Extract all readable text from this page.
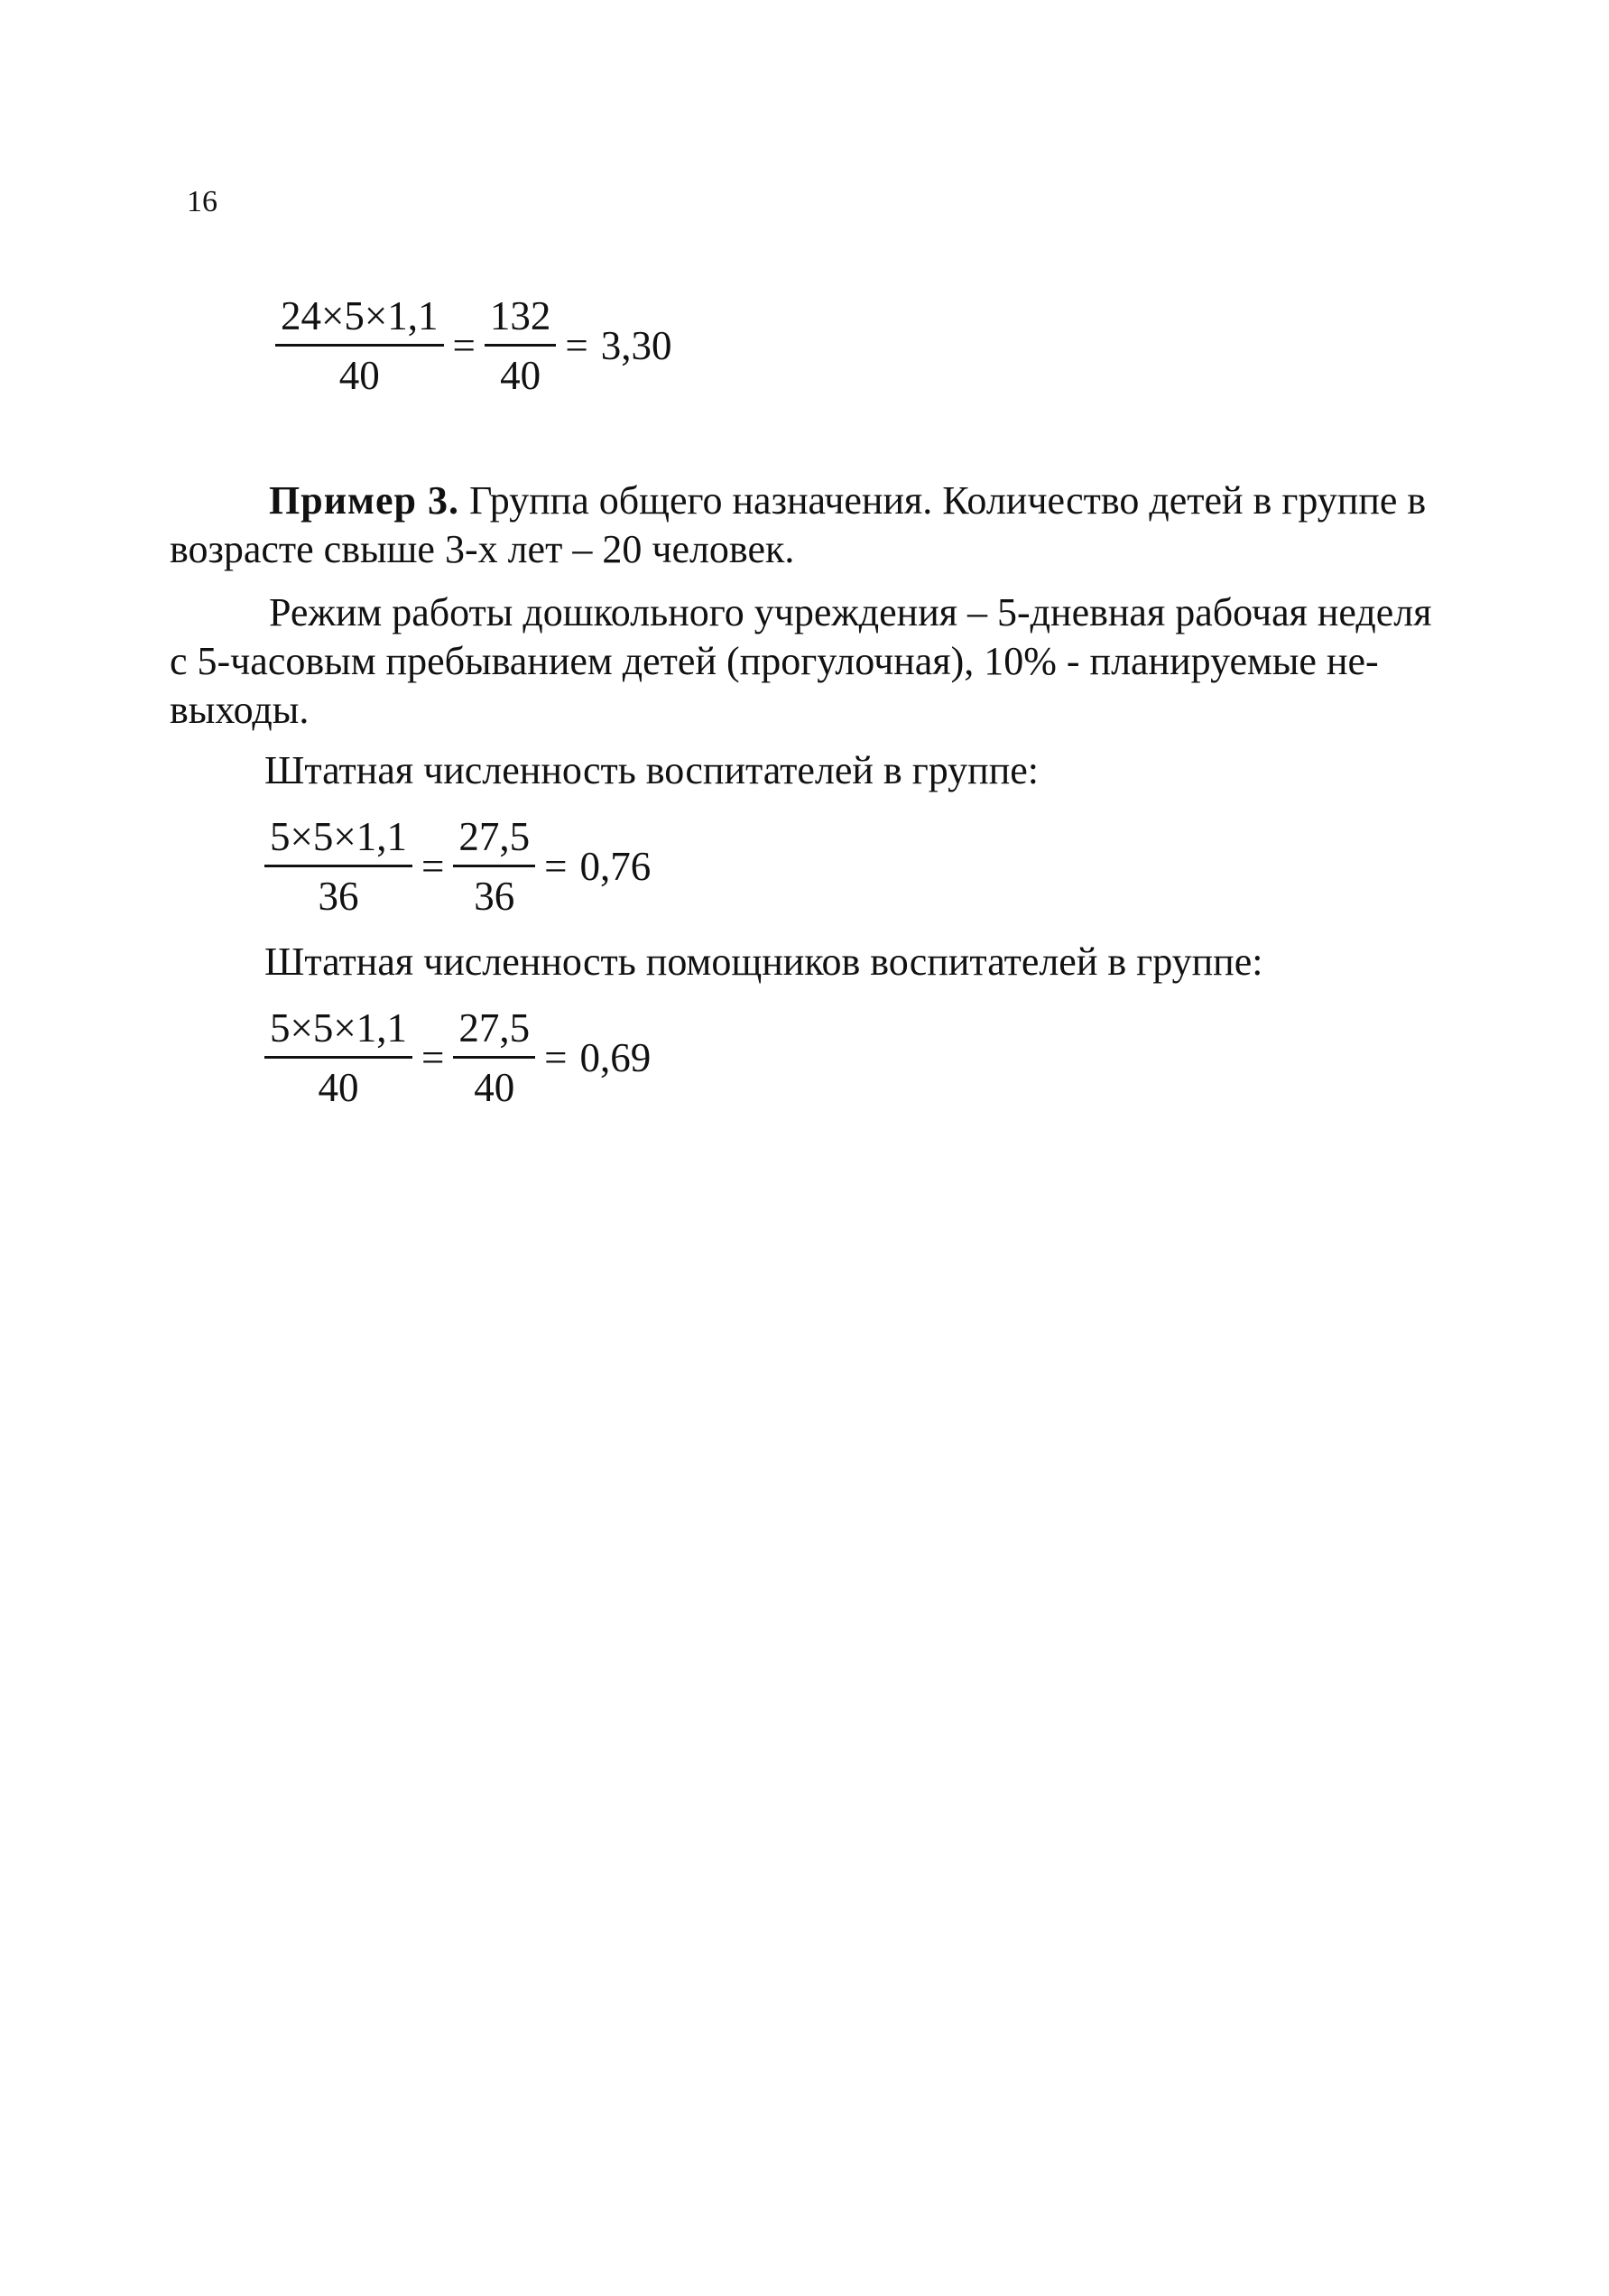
16
$\frac{24\times 5\times 1,1}{40} = \frac{132}{40} = 3,30$
Пример 3. Группа общего назначения. Количество детей в группе в
возрасте свыше 3-х лет – 20 человек.
Режим работы дошкольного учреждения – 5-дневная рабочая неделя
с 5-часовым пребыванием детей (прогулочная), 10% - планируемые не-
выходы.
Штатная численность воспитателей в группе:
$\frac{5\times 5\times 1,1}{36} = \frac{27,5}{36} = 0,76$
Штатная численность помощников воспитателей в группе:
$\frac{5\times 5\times 1,1}{40} = \frac{27,5}{40} = 0,69$
